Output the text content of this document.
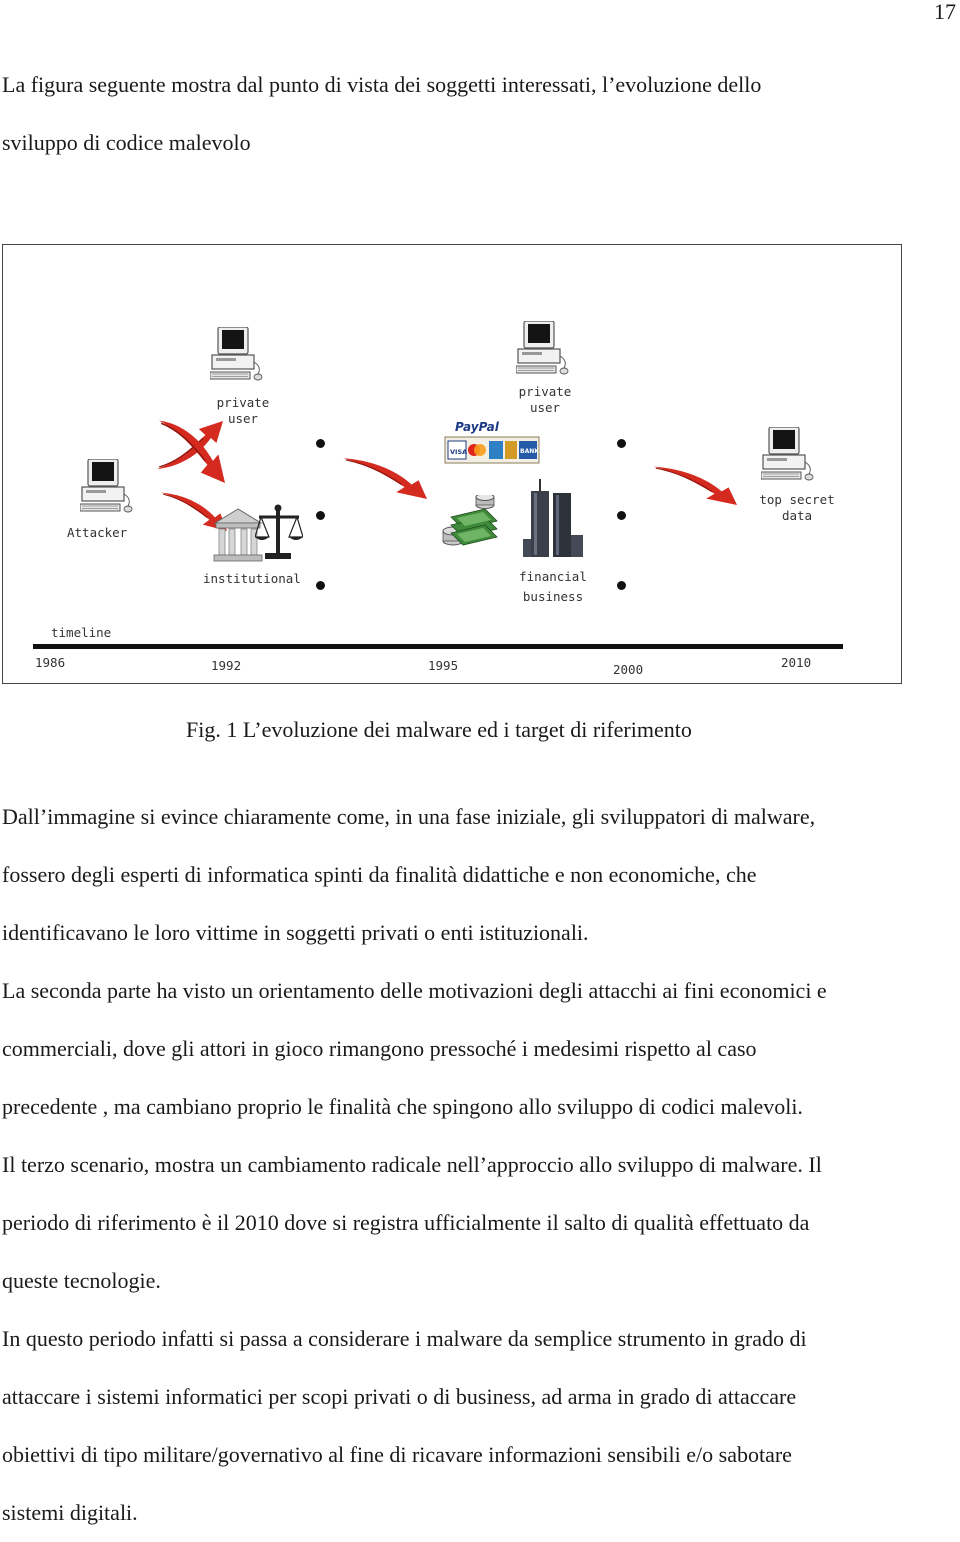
17
La figura seguente mostra dal punto di vista dei soggetti interessati, l’evoluzione dello
sviluppo di codice malevolo
PayPal
VISA	BANK
private
user
private
user
Attacker
institutional	financial
business
top secret
data
timeline
1986	1992	1995	2000	2010
Fig. 1 L’evoluzione dei malware ed i target di riferimento
Dall’immagine si evince chiaramente come, in una fase iniziale, gli sviluppatori di malware,
fossero degli esperti di informatica spinti da finalità didattiche e non economiche, che
identificavano le loro vittime in soggetti privati o enti istituzionali.
La seconda parte ha visto un orientamento delle motivazioni degli attacchi ai fini economici e
commerciali, dove gli attori in gioco rimangono pressoché i medesimi rispetto al caso
precedente , ma cambiano proprio le finalità che spingono allo sviluppo di codici malevoli.
Il terzo scenario, mostra un cambiamento radicale nell’approccio allo sviluppo di malware. Il
periodo di riferimento è il 2010 dove si registra ufficialmente il salto di qualità effettuato da
queste tecnologie.
In questo periodo infatti si passa a considerare i malware da semplice strumento in grado di
attaccare i sistemi informatici per scopi privati o di business, ad arma in grado di attaccare
obiettivi di tipo militare/governativo al fine di ricavare informazioni sensibili e/o sabotare
sistemi digitali.
